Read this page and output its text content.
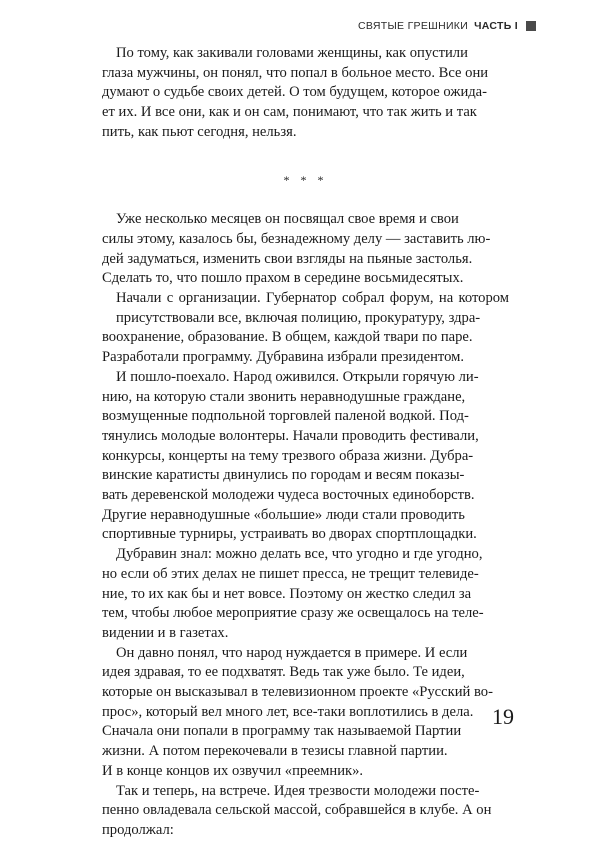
СВЯТЫЕ ГРЕШНИКИ ЧАСТЬ I
По тому, как закивали головами женщины, как опустили
глаза мужчины, он понял, что попал в больное место. Все они
думают о судьбе своих детей. О том будущем, которое ожида-
ет их. И все они, как и он сам, понимают, что так жить и так
пить, как пьют сегодня, нельзя.
* * *
Уже несколько месяцев он посвящал свое время и свои
силы этому, казалось бы, безнадежному делу — заставить лю-
дей задуматься, изменить свои взгляды на пьяные застолья.
Сделать то, что пошло прахом в середине восьмидесятых.
Начали с организации. Губернатор собрал форум, на котором присутствовали все, включая полицию, прокуратуру, здра-
воохранение, образование. В общем, каждой твари по паре.
Разработали программу. Дубравина избрали президентом.
И пошло-поехало. Народ оживился. Открыли горячую ли-
нию, на которую стали звонить неравнодушные граждане,
возмущенные подпольной торговлей паленой водкой. Под-
тянулись молодые волонтеры. Начали проводить фестивали,
конкурсы, концерты на тему трезвого образа жизни. Дубра-
винские каратисты двинулись по городам и весям показы-
вать деревенской молодежи чудеса восточных единоборств.
Другие неравнодушные «большие» люди стали проводить
спортивные турниры, устраивать во дворах спортплощадки.
Дубравин знал: можно делать все, что угодно и где угодно,
но если об этих делах не пишет пресса, не трещит телевиде-
ние, то их как бы и нет вовсе. Поэтому он жестко следил за
тем, чтобы любое мероприятие сразу же освещалось на теле-
видении и в газетах.
Он давно понял, что народ нуждается в примере. И если
идея здравая, то ее подхватят. Ведь так уже было. Те идеи,
которые он высказывал в телевизионном проекте «Русский во-
прос», который вел много лет, все-таки воплотились в дела.
Сначала они попали в программу так называемой Партии
жизни. А потом перекочевали в тезисы главной партии.
И в конце концов их озвучил «преемник».
Так и теперь, на встрече. Идея трезвости молодежи посте-
пенно овладевала сельской массой, собравшейся в клубе. А он
продолжал:
19
